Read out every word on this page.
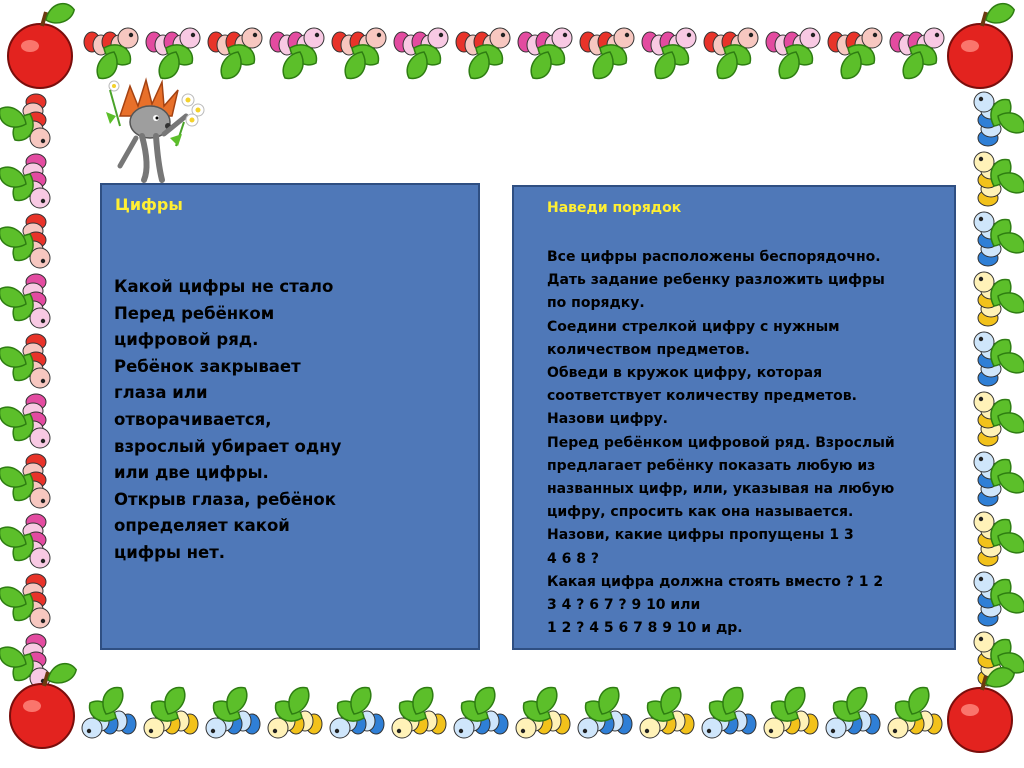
Цифры
Какой цифры не стало
Перед ребёнком
цифровой ряд.
Ребёнок закрывает
глаза или
отворачивается,
взрослый убирает одну
или две цифры.
Открыв глаза, ребёнок
определяет какой
цифры нет.
Наведи порядок
Все цифры расположены беспорядочно.
Дать задание ребенку разложить цифры
по порядку.
Соедини стрелкой цифру с нужным
количеством предметов.
Обведи в кружок цифру, которая
соответствует количеству предметов.
Назови цифру.
Перед ребёнком цифровой ряд. Взрослый
предлагает ребёнку показать любую из
названных цифр, или, указывая на любую
цифру, спросить как она называется.
Назови, какие цифры пропущены 1 3
4 6 8 ?
Какая цифра должна стоять вместо ? 1 2
3 4 ? 6 7 ? 9 10 или
1 2 ? 4 5 6 7 8 9 10 и др.
